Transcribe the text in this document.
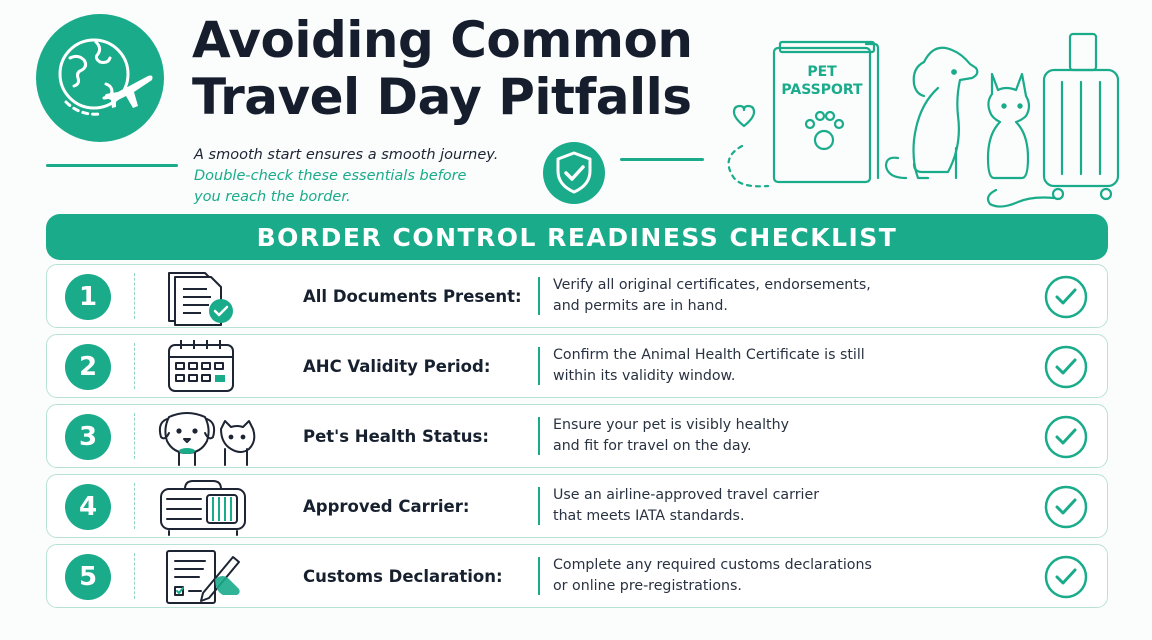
Avoiding Common
Travel Day Pitfalls

A smooth start ensures a smooth journey.
Double-check these essentials before
you reach the border.

PET
PASSPORT
BORDER CONTROL READINESS CHECKLIST
1	All Documents Present:
Verify all original certificates, endorsements,
and permits are in hand.
2	AHC Validity Period:
Confirm the Animal Health Certificate is still
within its validity window.
3	Pet's Health Status:
Ensure your pet is visibly healthy
and fit for travel on the day.
4	Approved Carrier:
Use an airline-approved travel carrier
that meets IATA standards.
5	Customs Declaration:
Complete any required customs declarations
or online pre-registrations.
